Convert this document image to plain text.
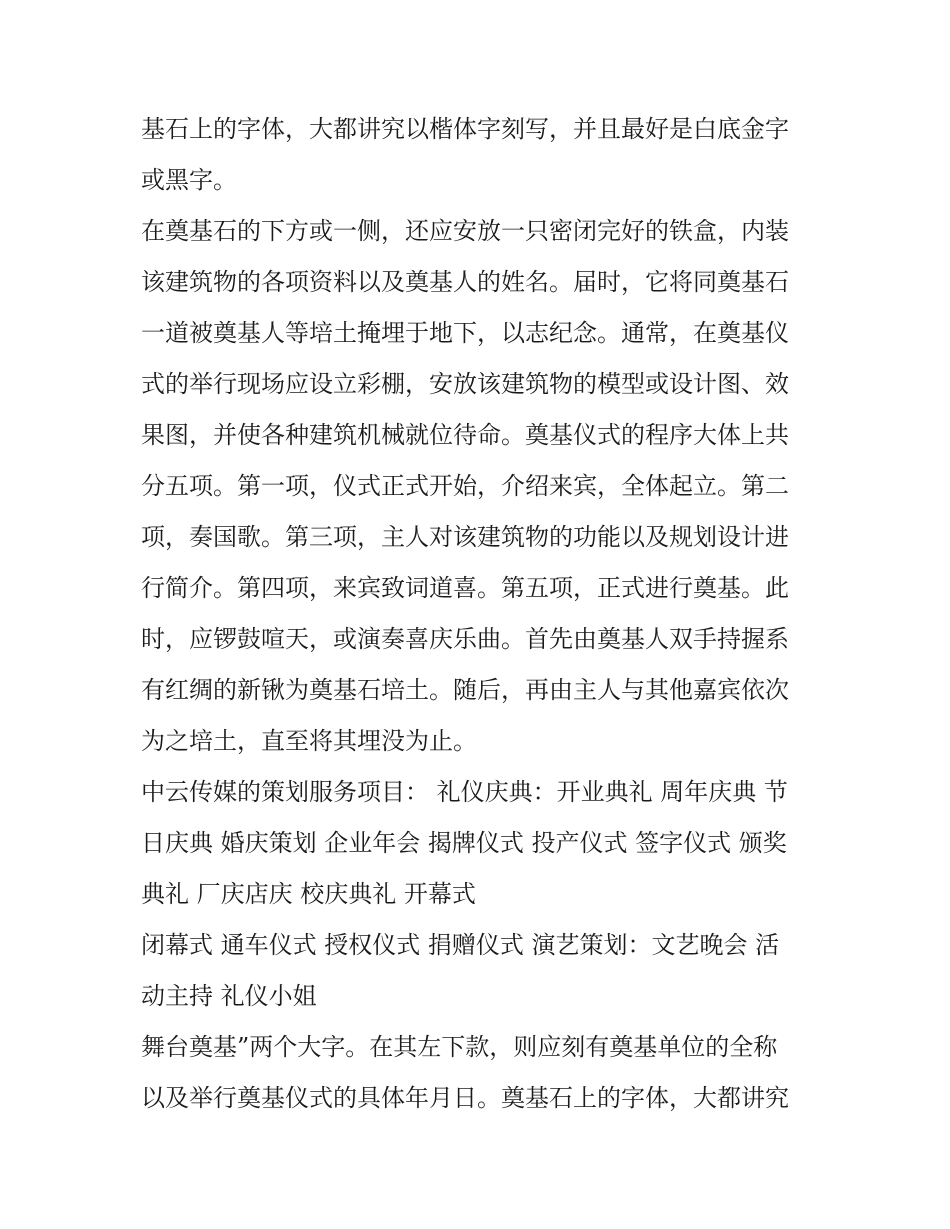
基石上的字体，大都讲究以楷体字刻写，并且最好是白底金字
或黑字。

在奠基石的下方或一侧，还应安放一只密闭完好的铁盒，内装
该建筑物的各项资料以及奠基人的姓名。届时，它将同奠基石
一道被奠基人等培土掩埋于地下，以志纪念。通常，在奠基仪
式的举行现场应设立彩棚，安放该建筑物的模型或设计图、效
果图，并使各种建筑机械就位待命。奠基仪式的程序大体上共
分五项。第一项，仪式正式开始，介绍来宾，全体起立。第二
项，奏国歌。第三项，主人对该建筑物的功能以及规划设计进
行简介。第四项，来宾致词道喜。第五项，正式进行奠基。此
时，应锣鼓喧天，或演奏喜庆乐曲。首先由奠基人双手持握系
有红绸的新锹为奠基石培土。随后，再由主人与其他嘉宾依次
为之培土，直至将其埋没为止。

中云传媒的策划服务项目： 礼仪庆典：开业典礼 周年庆典 节
日庆典 婚庆策划 企业年会 揭牌仪式 投产仪式 签字仪式 颁奖
典礼 厂庆店庆 校庆典礼 开幕式

闭幕式 通车仪式 授权仪式 捐赠仪式 演艺策划：文艺晚会 活
动主持 礼仪小姐

舞台奠基”两个大字。在其左下款，则应刻有奠基单位的全称
以及举行奠基仪式的具体年月日。奠基石上的字体，大都讲究
